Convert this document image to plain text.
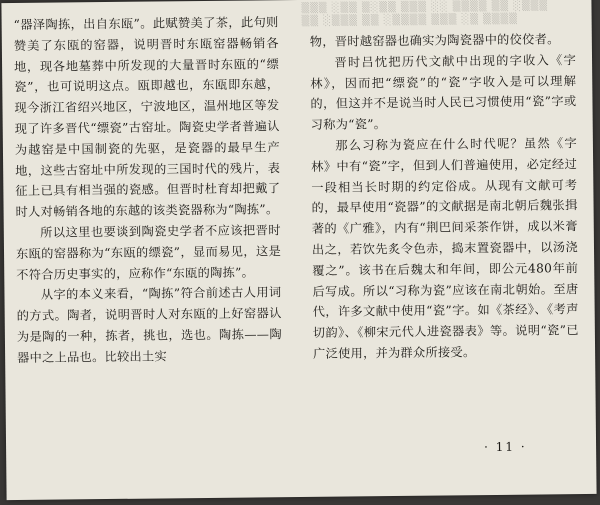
▒▒▒ ░▒▒ ▒░▒▒ ▒▒▒ ░░ ▒▒▒▒ ▒▒ ░▒▒▒
▒▒ ░▒▒▒ ▒▒ ░▒▒▒▒ ▒▒▒ ░▒ ▒▒▒▒

“器泽陶拣，出自东瓯”。此赋赞美了茶，此句则赞美了东瓯的窑器，说明晋时东瓯窑器畅销各地，现各地墓葬中所发现的大量晋时东瓯的“缥瓷”，也可说明这点。瓯即越也，东瓯即东越，现今浙江省绍兴地区，宁波地区，温州地区等发现了许多晋代“缥瓷”古窑址。陶瓷史学者普遍认为越窑是中国制瓷的先驱，是瓷器的最早生产地，这些古窑址中所发现的三国时代的残片，表征上已具有相当强的瓷感。但晋时杜育却把戴了时人对畅销各地的东越的该类瓷器称为“陶拣”。

所以这里也要谈到陶瓷史学者不应该把晋时东瓯的窑器称为“东瓯的缥瓷”，显而易见，这是不符合历史事实的，应称作“东瓯的陶拣”。

从字的本义来看，“陶拣”符合前述古人用词的方式。陶者，说明晋时人对东瓯的上好窑器认为是陶的一种，拣者，挑也，选也。陶拣——陶器中之上品也。比较出土实

物，晋时越窑器也确实为陶瓷器中的佼佼者。

晋时吕忱把历代文献中出现的字收入《字林》，因而把“缥瓷”的“瓷”字收入是可以理解的，但这并不是说当时人民已习惯使用“瓷”字或习称为“瓷”。

那么习称为瓷应在什么时代呢？虽然《字林》中有“瓷”字，但到人们普遍使用，必定经过一段相当长时期的约定俗成。从现有文献可考的，最早使用“瓷器”的文献据是南北朝后魏张揖著的《广雅》，内有“荆巴间采茶作饼，成以米膏出之，若饮先炙令色赤，捣末置瓷器中，以汤浇覆之”。该书在后魏太和年间，即公元480年前后写成。所以“习称为瓷”应该在南北朝始。至唐代，许多文献中使用“瓷”字。如《茶经》、《考声切韵》、《柳宋元代人进瓷器表》等。说明“瓷”已广泛使用，并为群众所接受。

· 11 ·
